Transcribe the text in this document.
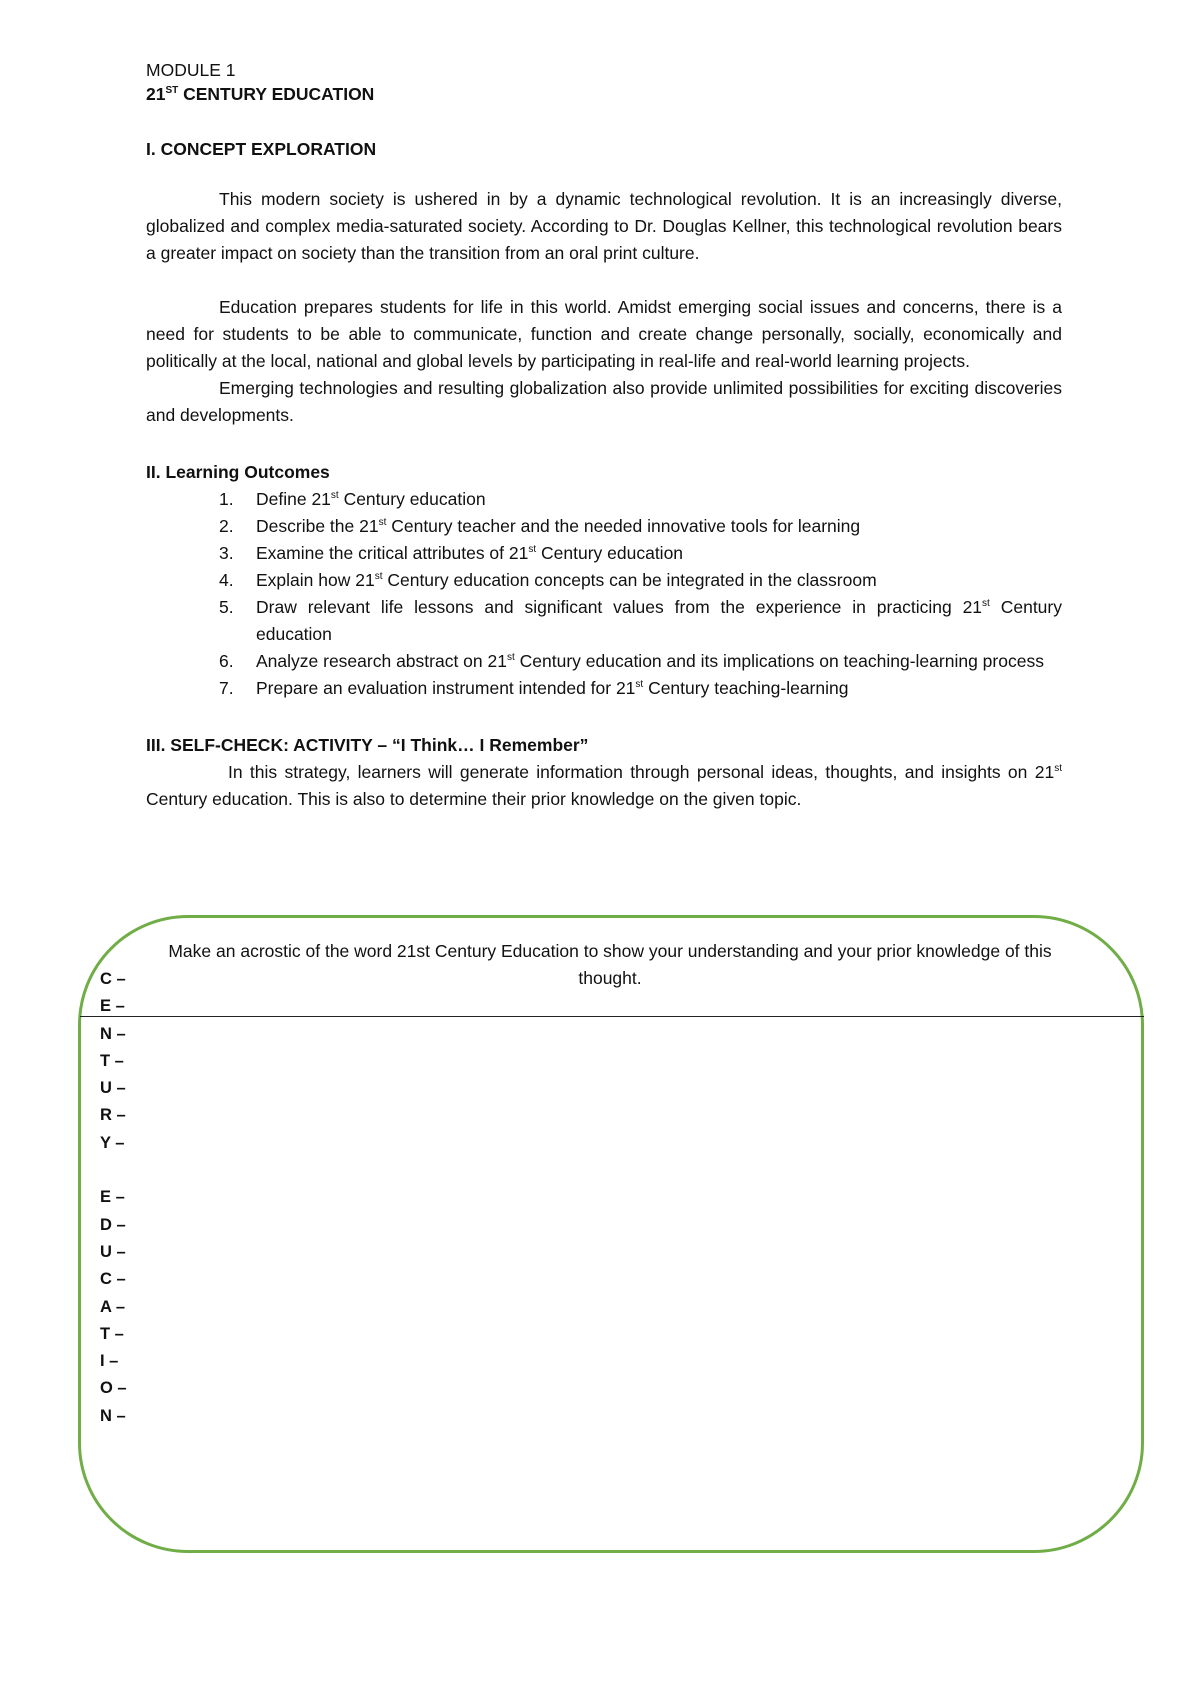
MODULE 1
21ST CENTURY EDUCATION
I. CONCEPT EXPLORATION

This modern society is ushered in by a dynamic technological revolution. It is an increasingly diverse, globalized and complex media-saturated society. According to Dr. Douglas Kellner, this technological revolution bears a greater impact on society than the transition from an oral print culture.

Education prepares students for life in this world. Amidst emerging social issues and concerns, there is a need for students to be able to communicate, function and create change personally, socially, economically and politically at the local, national and global levels by participating in real-life and real-world learning projects.

Emerging technologies and resulting globalization also provide unlimited possibilities for exciting discoveries and developments.

II. Learning Outcomes
1. Define 21st Century education
2. Describe the 21st Century teacher and the needed innovative tools for learning
3. Examine the critical attributes of 21st Century education
4. Explain how 21st Century education concepts can be integrated in the classroom
5. Draw relevant life lessons and significant values from the experience in practicing 21st Century education
6. Analyze research abstract on 21st Century education and its implications on teaching-learning process
7. Prepare an evaluation instrument intended for 21st Century teaching-learning
III. SELF-CHECK: ACTIVITY – “I Think… I Remember”

In this strategy, learners will generate information through personal ideas, thoughts, and insights on 21st Century education. This is also to determine their prior knowledge on the given topic.

Make an acrostic of the word 21st Century Education to show your understanding and your prior knowledge of this thought.
C –
E –
N –
T –
U –
R –
Y –
E –
D –
U –
C –
A –
T –
I –
O –
N –
